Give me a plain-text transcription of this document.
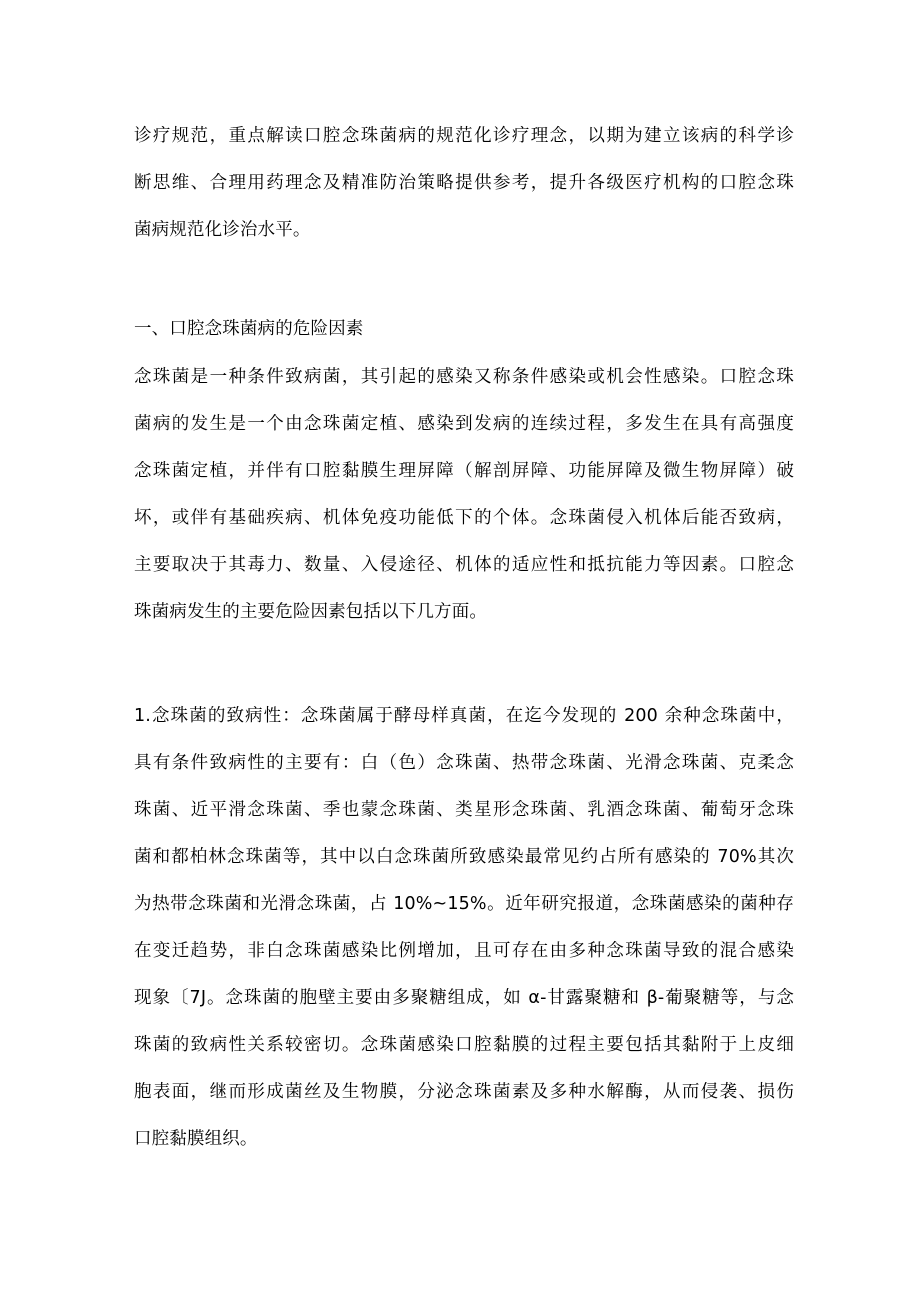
诊疗规范，重点解读口腔念珠菌病的规范化诊疗理念，以期为建立该病的科学诊
断思维、合理用药理念及精准防治策略提供参考，提升各级医疗机构的口腔念珠
菌病规范化诊治水平。
一、口腔念珠菌病的危险因素
念珠菌是一种条件致病菌，其引起的感染又称条件感染或机会性感染。口腔念珠
菌病的发生是一个由念珠菌定植、感染到发病的连续过程，多发生在具有高强度
念珠菌定植，并伴有口腔黏膜生理屏障（解剖屏障、功能屏障及微生物屏障）破
坏，或伴有基础疾病、机体免疫功能低下的个体。念珠菌侵入机体后能否致病，
主要取决于其毒力、数量、入侵途径、机体的适应性和抵抗能力等因素。口腔念
珠菌病发生的主要危险因素包括以下几方面。
1.念珠菌的致病性：念珠菌属于酵母样真菌，在迄今发现的 200 余种念珠菌中，
具有条件致病性的主要有：白（色）念珠菌、热带念珠菌、光滑念珠菌、克柔念
珠菌、近平滑念珠菌、季也蒙念珠菌、类星形念珠菌、乳酒念珠菌、葡萄牙念珠
菌和都柏林念珠菌等，其中以白念珠菌所致感染最常见约占所有感染的 70%其次
为热带念珠菌和光滑念珠菌，占 10%~15%。近年研究报道，念珠菌感染的菌种存
在变迁趋势，非白念珠菌感染比例增加，且可存在由多种念珠菌导致的混合感染
现象〔7J。念珠菌的胞壁主要由多聚糖组成，如 α-甘露聚糖和 β-葡聚糖等，与念
珠菌的致病性关系较密切。念珠菌感染口腔黏膜的过程主要包括其黏附于上皮细
胞表面，继而形成菌丝及生物膜，分泌念珠菌素及多种水解酶，从而侵袭、损伤
口腔黏膜组织。
